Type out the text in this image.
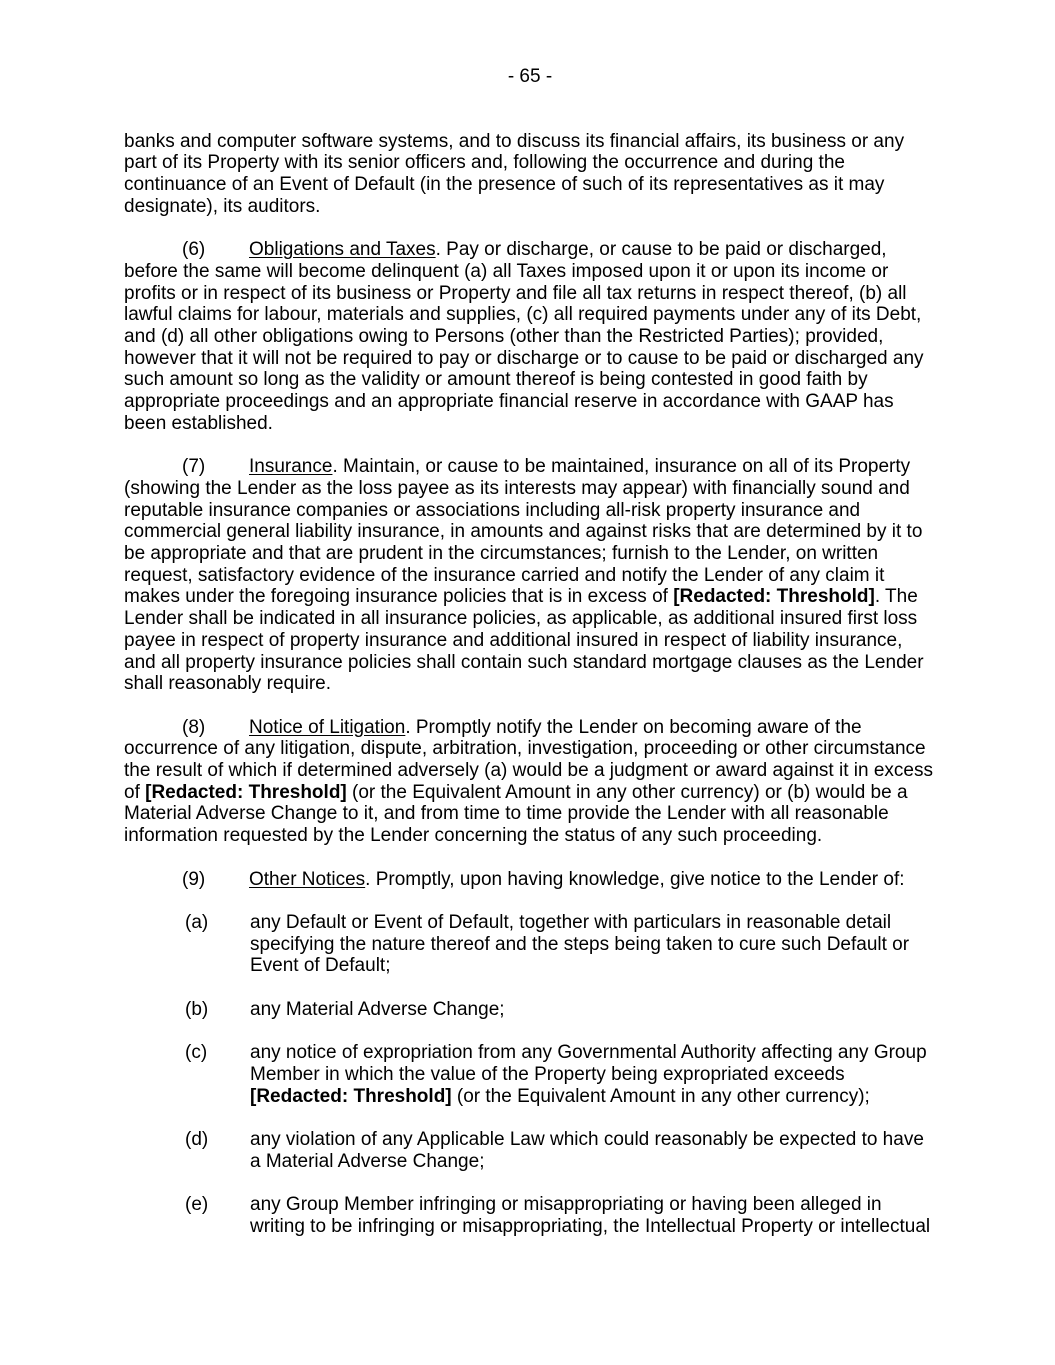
- 65 -

banks and computer software systems, and to discuss its financial affairs, its business or any part of its Property with its senior officers and, following the occurrence and during the continuance of an Event of Default (in the presence of such of its representatives as it may designate), its auditors.

(6) Obligations and Taxes. Pay or discharge, or cause to be paid or discharged, before the same will become delinquent (a) all Taxes imposed upon it or upon its income or profits or in respect of its business or Property and file all tax returns in respect thereof, (b) all lawful claims for labour, materials and supplies, (c) all required payments under any of its Debt, and (d) all other obligations owing to Persons (other than the Restricted Parties); provided, however that it will not be required to pay or discharge or to cause to be paid or discharged any such amount so long as the validity or amount thereof is being contested in good faith by appropriate proceedings and an appropriate financial reserve in accordance with GAAP has been established.

(7) Insurance. Maintain, or cause to be maintained, insurance on all of its Property (showing the Lender as the loss payee as its interests may appear) with financially sound and reputable insurance companies or associations including all-risk property insurance and commercial general liability insurance, in amounts and against risks that are determined by it to be appropriate and that are prudent in the circumstances; furnish to the Lender, on written request, satisfactory evidence of the insurance carried and notify the Lender of any claim it makes under the foregoing insurance policies that is in excess of [Redacted: Threshold]. The Lender shall be indicated in all insurance policies, as applicable, as additional insured first loss payee in respect of property insurance and additional insured in respect of liability insurance, and all property insurance policies shall contain such standard mortgage clauses as the Lender shall reasonably require.

(8) Notice of Litigation. Promptly notify the Lender on becoming aware of the occurrence of any litigation, dispute, arbitration, investigation, proceeding or other circumstance the result of which if determined adversely (a) would be a judgment or award against it in excess of [Redacted: Threshold] (or the Equivalent Amount in any other currency) or (b) would be a Material Adverse Change to it, and from time to time provide the Lender with all reasonable information requested by the Lender concerning the status of any such proceeding.

(9) Other Notices. Promptly, upon having knowledge, give notice to the Lender of:

(a)	any Default or Event of Default, together with particulars in reasonable detail specifying the nature thereof and the steps being taken to cure such Default or Event of Default;
(b)	any Material Adverse Change;
(c)	any notice of expropriation from any Governmental Authority affecting any Group Member in which the value of the Property being expropriated exceeds [Redacted: Threshold] (or the Equivalent Amount in any other currency);
(d)	any violation of any Applicable Law which could reasonably be expected to have a Material Adverse Change;
(e)	any Group Member infringing or misappropriating or having been alleged in writing to be infringing or misappropriating, the Intellectual Property or intellectual
